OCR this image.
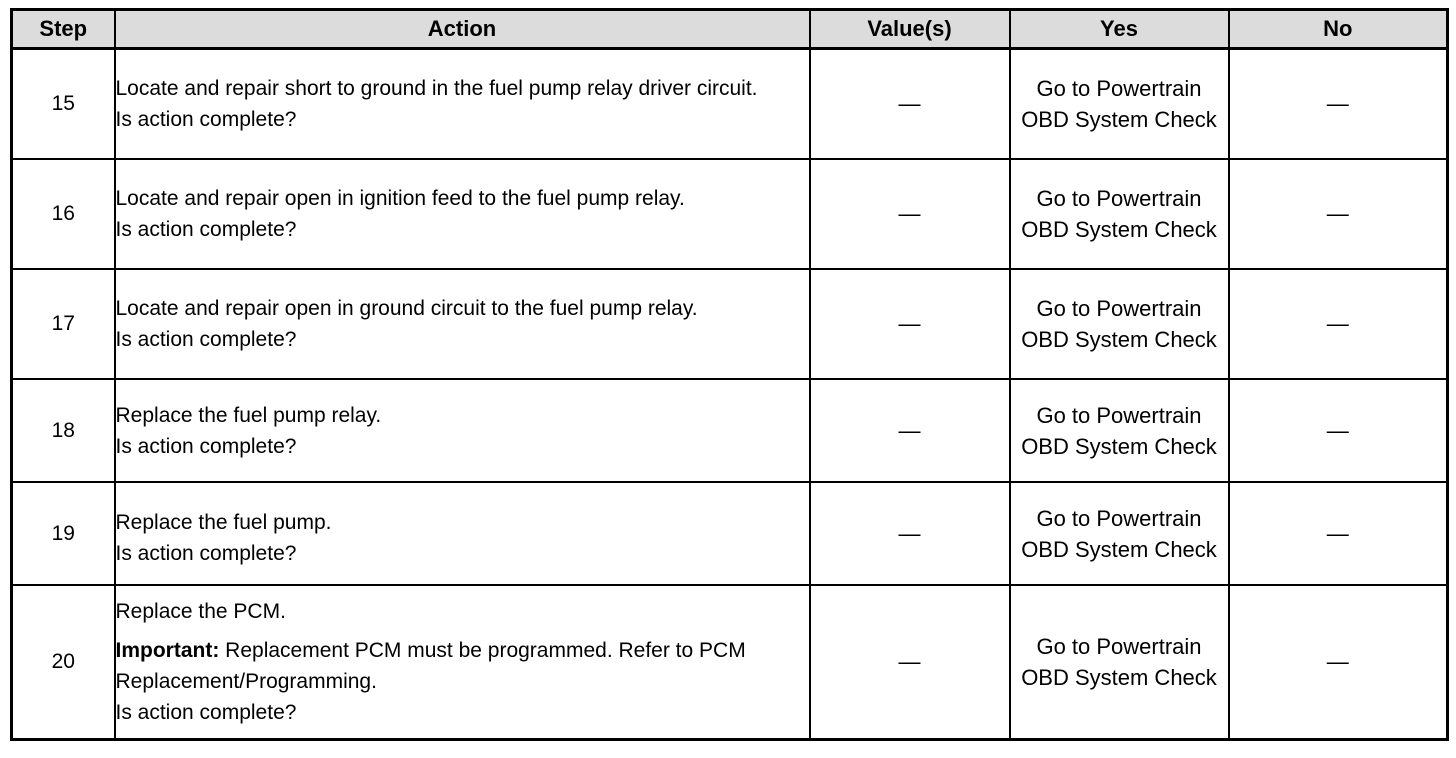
Step	Action	Value(s)	Yes	No
15	Locate and repair short to ground in the fuel pump relay driver circuit.
Is action complete?	—	Go to Powertrain OBD System Check	—
16	Locate and repair open in ignition feed to the fuel pump relay.
Is action complete?	—	Go to Powertrain OBD System Check	—
17	Locate and repair open in ground circuit to the fuel pump relay.
Is action complete?	—	Go to Powertrain OBD System Check	—
18	Replace the fuel pump relay.
Is action complete?	—	Go to Powertrain OBD System Check	—
19	Replace the fuel pump.
Is action complete?	—	Go to Powertrain OBD System Check	—
20	Replace the PCM.
Important: Replacement PCM must be programmed. Refer to PCM Replacement/Programming.
Is action complete?	—	Go to Powertrain OBD System Check	—
